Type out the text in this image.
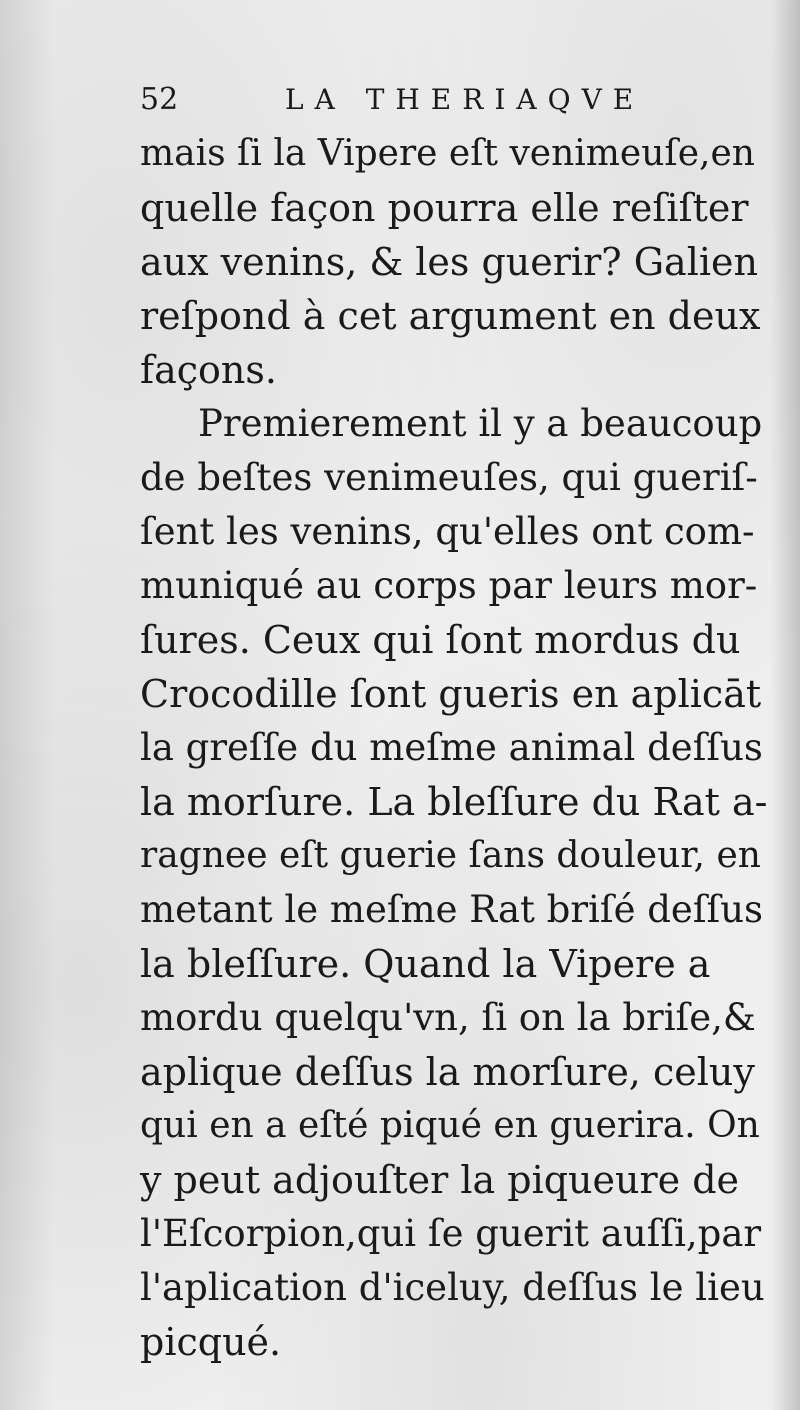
52	LA THERIAQVE
mais ſi la Vipere eſt venimeuſe,en
quelle façon pourra elle reſiſter
aux venins, & les guerir? Galien
reſpond à cet argument en deux
façons.
Premierement il y a beaucoup
de beſtes venimeuſes, qui gueriſ-
ſent les venins, qu'elles ont com-
muniqué au corps par leurs mor-
ſures. Ceux qui ſont mordus du
Crocodille ſont gueris en aplicāt
la greſſe du meſme animal deſſus
la morſure. La bleſſure du Rat a-
ragnee eſt guerie ſans douleur, en
metant le meſme Rat briſé deſſus
la bleſſure. Quand la Vipere a
mordu quelqu'vn, ſi on la briſe,&
aplique deſſus la morſure, celuy
qui en a eſté piqué en guerira. On
y peut adjouſter la piqueure de
l'Eſcorpion,qui ſe guerit auſſi,par
l'aplication d'iceluy, deſſus le lieu
picqué.
